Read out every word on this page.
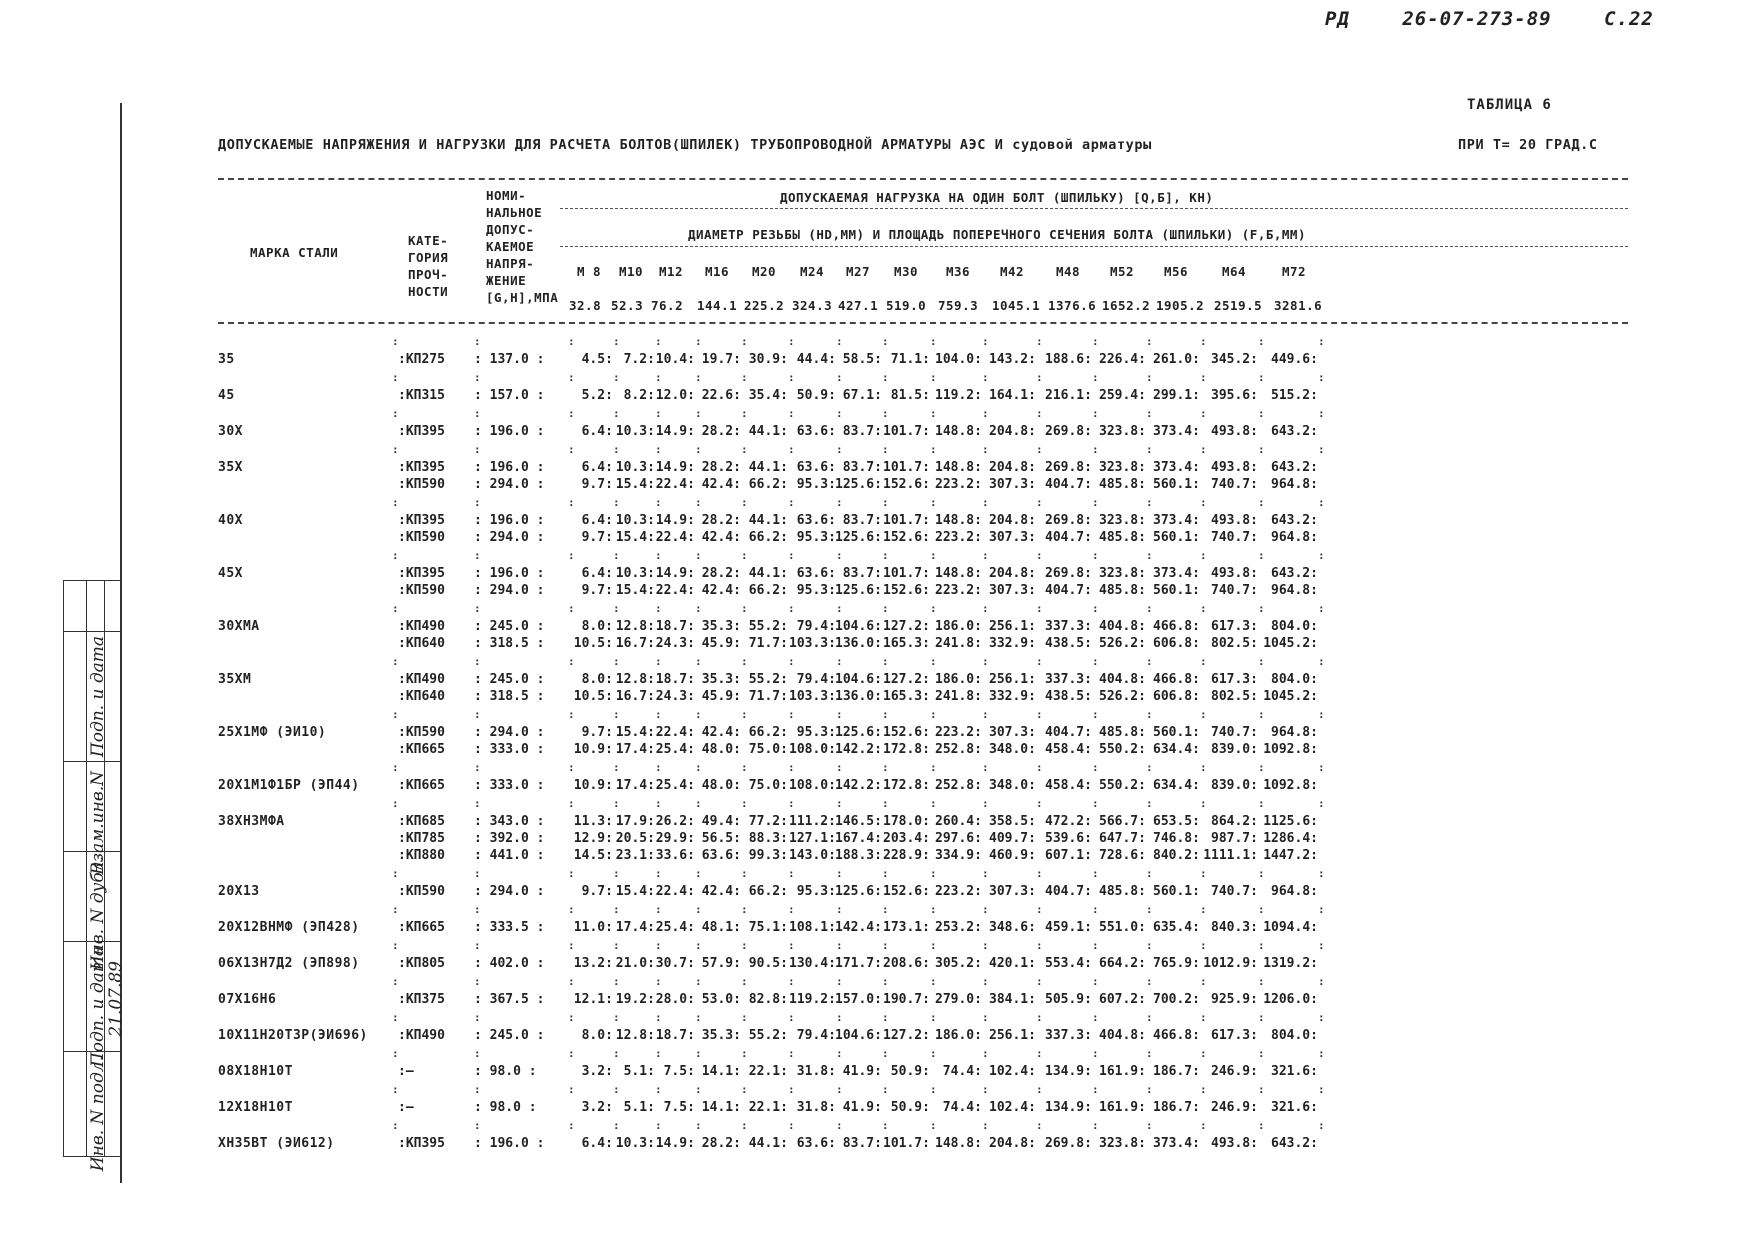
РД	26-07-273-89	С.22
ТАБЛИЦА 6
ДОПУСКАЕМЫЕ НАПРЯЖЕНИЯ И НАГРУЗКИ ДЛЯ РАСЧЕТА БОЛТОВ(ШПИЛЕК) ТРУБОПРОВОДНОЙ АРМАТУРЫ АЭС И судовой арматуры	ПРИ Т= 20 ГРАД.С
Подп. и дата
Взам.инв.N
Инв. N дубл.
Подп. и дата
Инв. N подл.
21.07.89
МАРКА СТАЛИ
КАТЕ-
ГОРИЯ
ПРОЧ-
НОСТИ
НОМИ-
НАЛЬНОЕ
ДОПУС-
КАЕМОЕ
НАПРЯ-
ЖЕНИЕ
[G,Н],МПА
ДОПУСКАЕМАЯ НАГРУЗКА НА ОДИН БОЛТ (ШПИЛЬКУ) [Q,Б], КН)
ДИАМЕТР РЕЗЬБЫ (НD,ММ) И ПЛОЩАДЬ ПОПЕРЕЧНОГО СЕЧЕНИЯ БОЛТА (ШПИЛЬКИ) (F,Б,ММ)
М 8 М10 М12 М16 М20 М24 М27 М30 М36 М42	М48 М52 М56	М64	М72
32.8 52.3 76.2 144.1 225.2 324.3 427.1 519.0 759.3 1045.1 1376.6 1652.2 1905.2 2519.5 3281.6
:	:	:	:	:	:	:	:	:	:	:	:	:	:	:	:	:	:
35	:КП275 : 137.0 :	4.5: 7.2: 10.4: 19.7: 30.9: 44.4: 58.5: 71.1: 104.0: 143.2: 188.6: 226.4: 261.0: 345.2: 449.6:
:	:	:	:	:	:	:	:	:	:	:	:	:	:	:	:	:	:
45	:КП315 : 157.0 :	5.2: 8.2: 12.0: 22.6: 35.4: 50.9: 67.1: 81.5: 119.2: 164.1: 216.1: 259.4: 299.1: 395.6: 515.2:
:	:	:	:	:	:	:	:	:	:	:	:	:	:	:	:	:	:
30Х	:КП395 : 196.0 :	6.4: 10.3: 14.9: 28.2: 44.1: 63.6: 83.7: 101.7: 148.8: 204.8: 269.8: 323.8: 373.4: 493.8: 643.2:
:	:	:	:	:	:	:	:	:	:	:	:	:	:	:	:	:	:
35Х	:КП395 : 196.0 :	6.4: 10.3: 14.9: 28.2: 44.1: 63.6: 83.7: 101.7: 148.8: 204.8: 269.8: 323.8: 373.4: 493.8: 643.2:
:КП590 : 294.0 :	9.7: 15.4: 22.4: 42.4: 66.2: 95.3: 125.6: 152.6: 223.2: 307.3: 404.7: 485.8: 560.1: 740.7: 964.8:
:	:	:	:	:	:	:	:	:	:	:	:	:	:	:	:	:	:
40Х	:КП395 : 196.0 :	6.4: 10.3: 14.9: 28.2: 44.1: 63.6: 83.7: 101.7: 148.8: 204.8: 269.8: 323.8: 373.4: 493.8: 643.2:
:КП590 : 294.0 :	9.7: 15.4: 22.4: 42.4: 66.2: 95.3: 125.6: 152.6: 223.2: 307.3: 404.7: 485.8: 560.1: 740.7: 964.8:
:	:	:	:	:	:	:	:	:	:	:	:	:	:	:	:	:	:
45Х	:КП395 : 196.0 :	6.4: 10.3: 14.9: 28.2: 44.1: 63.6: 83.7: 101.7: 148.8: 204.8: 269.8: 323.8: 373.4: 493.8: 643.2:
:КП590 : 294.0 :	9.7: 15.4: 22.4: 42.4: 66.2: 95.3: 125.6: 152.6: 223.2: 307.3: 404.7: 485.8: 560.1: 740.7: 964.8:
:	:	:	:	:	:	:	:	:	:	:	:	:	:	:	:	:	:
30ХМА	:КП490 : 245.0 :	8.0: 12.8: 18.7: 35.3: 55.2: 79.4: 104.6: 127.2: 186.0: 256.1: 337.3: 404.8: 466.8: 617.3: 804.0:
:КП640 : 318.5 : 10.5: 16.7: 24.3: 45.9: 71.7: 103.3: 136.0: 165.3: 241.8: 332.9: 438.5: 526.2: 606.8: 802.5: 1045.2:
:	:	:	:	:	:	:	:	:	:	:	:	:	:	:	:	:	:
35ХМ	:КП490 : 245.0 :	8.0: 12.8: 18.7: 35.3: 55.2: 79.4: 104.6: 127.2: 186.0: 256.1: 337.3: 404.8: 466.8: 617.3: 804.0:
:КП640 : 318.5 : 10.5: 16.7: 24.3: 45.9: 71.7: 103.3: 136.0: 165.3: 241.8: 332.9: 438.5: 526.2: 606.8: 802.5: 1045.2:
:	:	:	:	:	:	:	:	:	:	:	:	:	:	:	:	:	:
25Х1МФ (ЭИ10)	:КП590 : 294.0 :	9.7: 15.4: 22.4: 42.4: 66.2: 95.3: 125.6: 152.6: 223.2: 307.3: 404.7: 485.8: 560.1: 740.7: 964.8:
:КП665 : 333.0 : 10.9: 17.4: 25.4: 48.0: 75.0: 108.0: 142.2: 172.8: 252.8: 348.0: 458.4: 550.2: 634.4: 839.0: 1092.8:
:	:	:	:	:	:	:	:	:	:	:	:	:	:	:	:	:	:
20Х1М1Ф1БР (ЭП44)	:КП665 : 333.0 : 10.9: 17.4: 25.4: 48.0: 75.0: 108.0: 142.2: 172.8: 252.8: 348.0: 458.4: 550.2: 634.4: 839.0: 1092.8:
:	:	:	:	:	:	:	:	:	:	:	:	:	:	:	:	:	:
38ХН3МФА	:КП685 : 343.0 : 11.3: 17.9: 26.2: 49.4: 77.2: 111.2: 146.5: 178.0: 260.4: 358.5: 472.2: 566.7: 653.5: 864.2: 1125.6:
:КП785 : 392.0 : 12.9: 20.5: 29.9: 56.5: 88.3: 127.1: 167.4: 203.4: 297.6: 409.7: 539.6: 647.7: 746.8: 987.7: 1286.4:
:КП880 : 441.0 : 14.5: 23.1: 33.6: 63.6: 99.3: 143.0: 188.3: 228.9: 334.9: 460.9: 607.1: 728.6: 840.2: 1111.1: 1447.2:
:	:	:	:	:	:	:	:	:	:	:	:	:	:	:	:	:	:
20Х13	:КП590 : 294.0 :	9.7: 15.4: 22.4: 42.4: 66.2: 95.3: 125.6: 152.6: 223.2: 307.3: 404.7: 485.8: 560.1: 740.7: 964.8:
:	:	:	:	:	:	:	:	:	:	:	:	:	:	:	:	:	:
20Х12ВНМФ (ЭП428)	:КП665 : 333.5 : 11.0: 17.4: 25.4: 48.1: 75.1: 108.1: 142.4: 173.1: 253.2: 348.6: 459.1: 551.0: 635.4: 840.3: 1094.4:
:	:	:	:	:	:	:	:	:	:	:	:	:	:	:	:	:	:
06Х13Н7Д2 (ЭП898)	:КП805 : 402.0 : 13.2: 21.0: 30.7: 57.9: 90.5: 130.4: 171.7: 208.6: 305.2: 420.1: 553.4: 664.2: 765.9: 1012.9: 1319.2:
:	:	:	:	:	:	:	:	:	:	:	:	:	:	:	:	:	:
07Х16Н6	:КП375 : 367.5 : 12.1: 19.2: 28.0: 53.0: 82.8: 119.2: 157.0: 190.7: 279.0: 384.1: 505.9: 607.2: 700.2: 925.9: 1206.0:
:	:	:	:	:	:	:	:	:	:	:	:	:	:	:	:	:	:
10Х11Н20Т3Р(ЭИ696) :КП490 : 245.0 :	8.0: 12.8: 18.7: 35.3: 55.2: 79.4: 104.6: 127.2: 186.0: 256.1: 337.3: 404.8: 466.8: 617.3: 804.0:
:	:	:	:	:	:	:	:	:	:	:	:	:	:	:	:	:	:
08Х18Н10Т	:–	: 98.0 :	3.2: 5.1: 7.5: 14.1: 22.1: 31.8: 41.9: 50.9: 74.4: 102.4: 134.9: 161.9: 186.7: 246.9: 321.6:
:	:	:	:	:	:	:	:	:	:	:	:	:	:	:	:	:	:
12Х18Н10Т	:–	: 98.0 :	3.2: 5.1: 7.5: 14.1: 22.1: 31.8: 41.9: 50.9: 74.4: 102.4: 134.9: 161.9: 186.7: 246.9: 321.6:
:	:	:	:	:	:	:	:	:	:	:	:	:	:	:	:	:	:
ХН35ВТ (ЭИ612)	:КП395 : 196.0 :	6.4: 10.3: 14.9: 28.2: 44.1: 63.6: 83.7: 101.7: 148.8: 204.8: 269.8: 323.8: 373.4: 493.8: 643.2:
